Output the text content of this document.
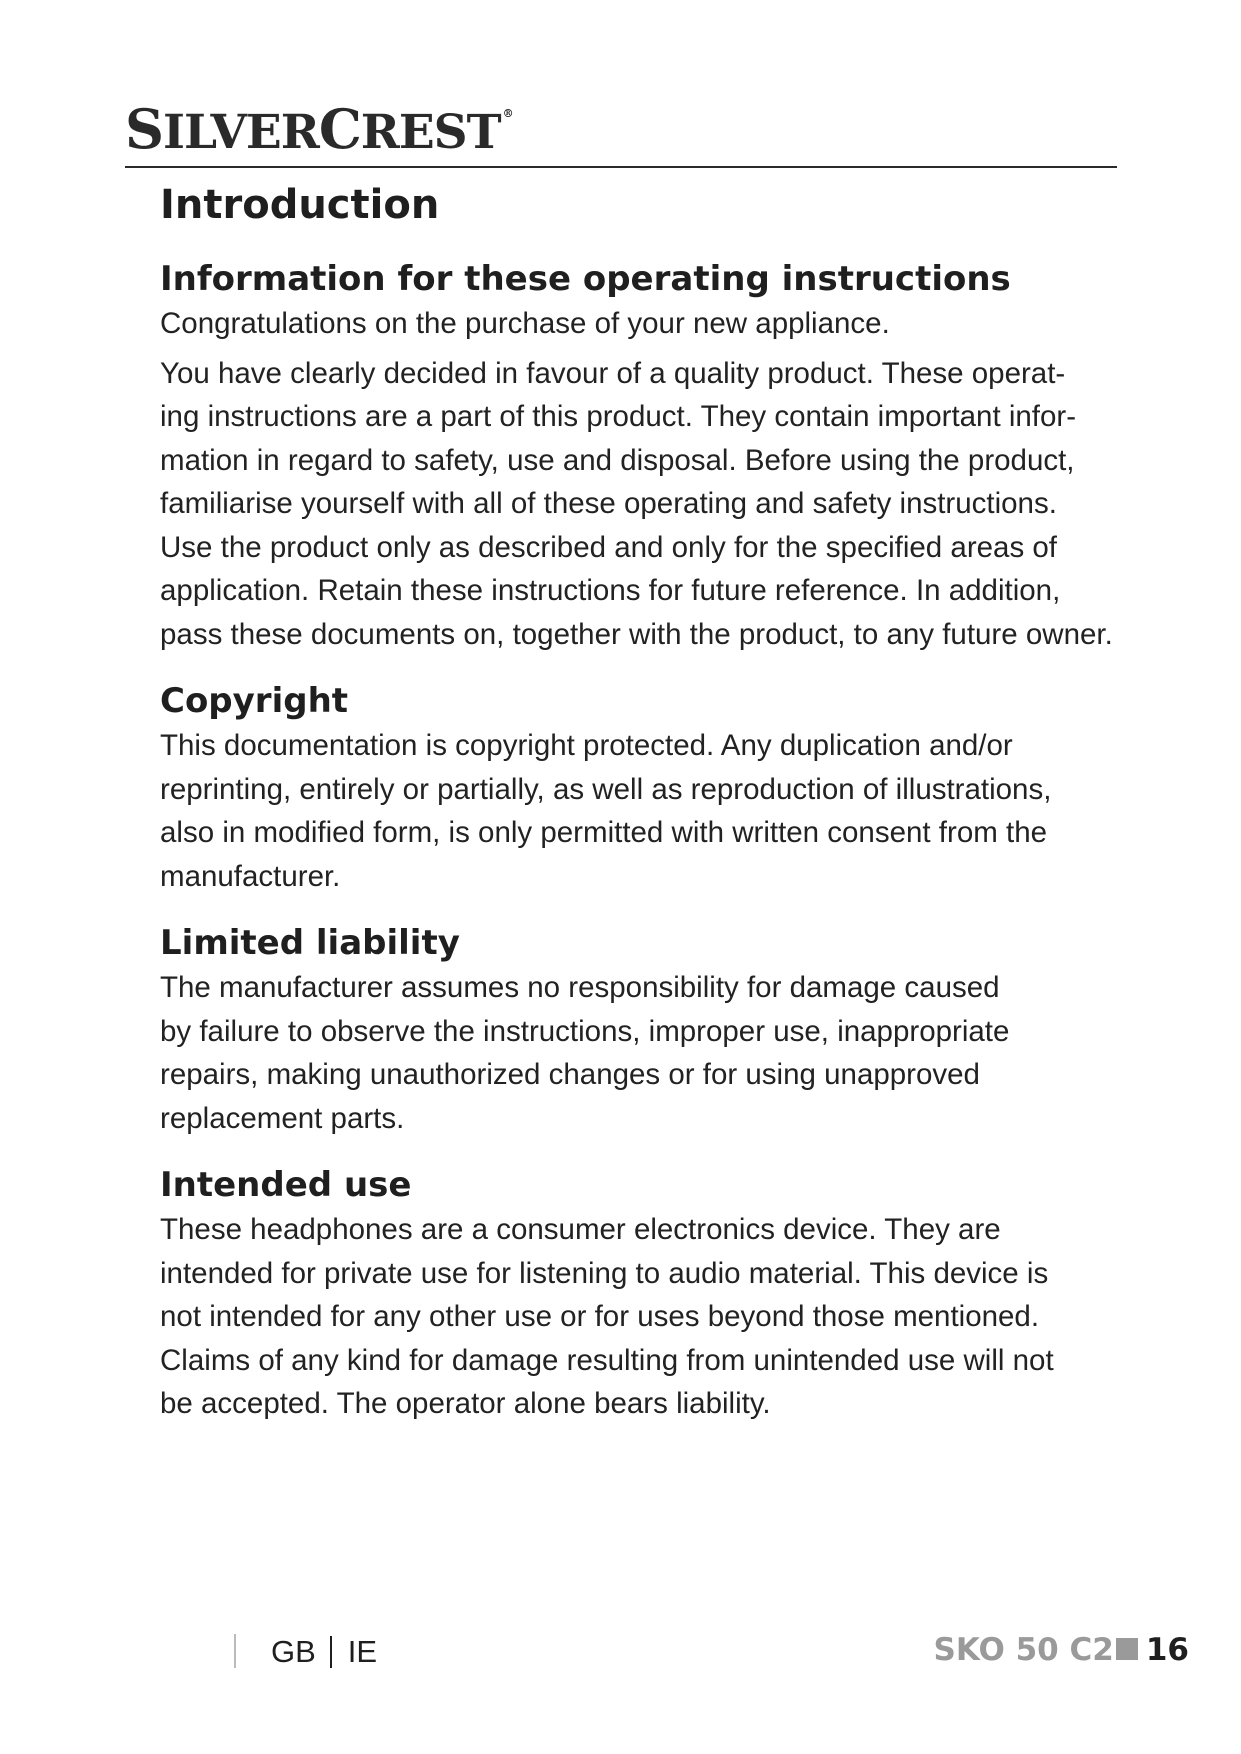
SILVERCREST ®
Introduction
Information for these operating instructions

Congratulations on the purchase of your new appliance.

You have clearly decided in favour of a quality product. These operat-
ing instructions are a part of this product. They contain important infor-
mation in regard to safety, use and disposal. Before using the product,
familiarise yourself with all of these operating and safety instructions.
Use the product only as described and only for the specified areas of
application. Retain these instructions for future reference. In addition,
pass these documents on, together with the product, to any future owner.

Copyright

This documentation is copyright protected. Any duplication and/or
reprinting, entirely or partially, as well as reproduction of illustrations,
also in modified form, is only permitted with written consent from the
manufacturer.

Limited liability

The manufacturer assumes no responsibility for damage caused
by failure to observe the instructions, improper use, inappropriate
repairs, making unauthorized changes or for using unapproved
replacement parts.

Intended use

These headphones are a consumer electronics device. They are
intended for private use for listening to audio material. This device is
not intended for any other use or for uses beyond those mentioned.
Claims of any kind for damage resulting from unintended use will not
be accepted. The operator alone bears liability.

GB IE	SKO 50 C2 16
